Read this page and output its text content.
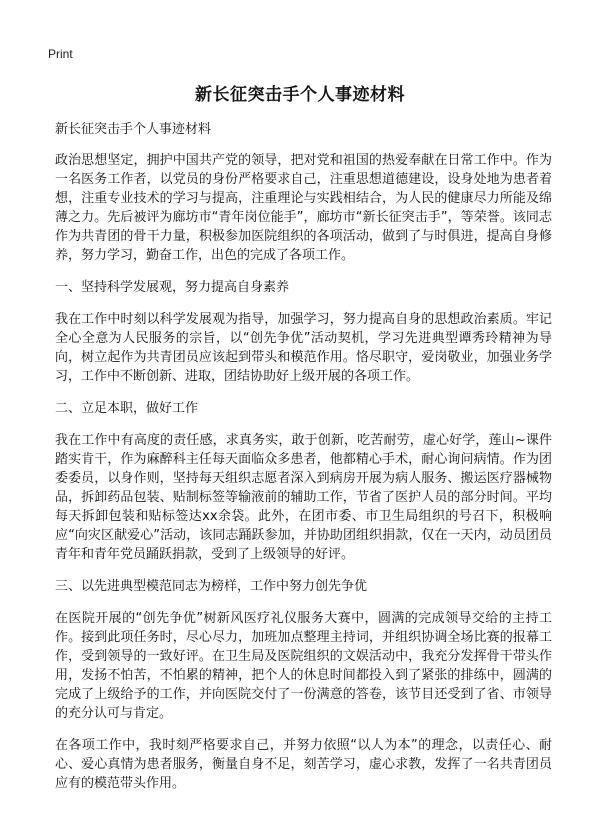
Print
新长征突击手个人事迹材料
新长征突击手个人事迹材料

政治思想坚定，拥护中国共产党的领导，把对党和祖国的热爱奉献在日常工作中。作为一名医务工作者，以党员的身份严格要求自己，注重思想道德建设，设身处地为患者着想，注重专业技术的学习与提高，注重理论与实践相结合，为人民的健康尽力所能及绵薄之力。先后被评为廊坊市“青年岗位能手”，廊坊市“新长征突击手”，等荣誉。该同志作为共青团的骨干力量，积极参加医院组织的各项活动，做到了与时俱进，提高自身修养，努力学习，勤奋工作，出色的完成了各项工作。

一、坚持科学发展观，努力提高自身素养

我在工作中时刻以科学发展观为指导，加强学习，努力提高自身的思想政治素质。牢记全心全意为人民服务的宗旨，以“创先争优”活动契机，学习先进典型谭秀玲精神为导向，树立起作为共青团员应该起到带头和模范作用。恪尽职守，爱岗敬业，加强业务学习，工作中不断创新、进取，团结协助好上级开展的各项工作。

二、立足本职，做好工作

我在工作中有高度的责任感，求真务实，敢于创新，吃苦耐劳，虚心好学，莲山~课件 踏实肯干，作为麻醉科主任每天面临众多患者，他都精心手术，耐心询问病情。作为团委委员，以身作则，坚持每天组织志愿者深入到病房开展为病人服务、搬运医疗器械物品，拆卸药品包装、贴制标签等输液前的辅助工作，节省了医护人员的部分时间。平均每天拆卸包装和贴标签达xx余袋。此外，在团市委、市卫生局组织的号召下，积极响应“向灾区献爱心”活动，该同志踊跃参加，并协助团组织捐款，仅在一天内，动员团员青年和青年党员踊跃捐款，受到了上级领导的好评。

三、以先进典型模范同志为榜样，工作中努力创先争优

在医院开展的“创先争优”树新风医疗礼仪服务大赛中，圆满的完成领导交给的主持工作。接到此项任务时，尽心尽力，加班加点整理主持词，并组织协调全场比赛的报幕工作，受到领导的一致好评。在卫生局及医院组织的文娱活动中，我充分发挥骨干带头作用，发扬不怕苦，不怕累的精神，把个人的休息时间都投入到了紧张的排练中，圆满的完成了上级给予的工作，并向医院交付了一份满意的答卷，该节目还受到了省、市领导的充分认可与肯定。

在各项工作中，我时刻严格要求自己，并努力依照“以人为本”的理念，以责任心、耐心、爱心真情为患者服务，衡量自身不足，刻苦学习，虚心求教，发挥了一名共青团员应有的模范带头作用。
